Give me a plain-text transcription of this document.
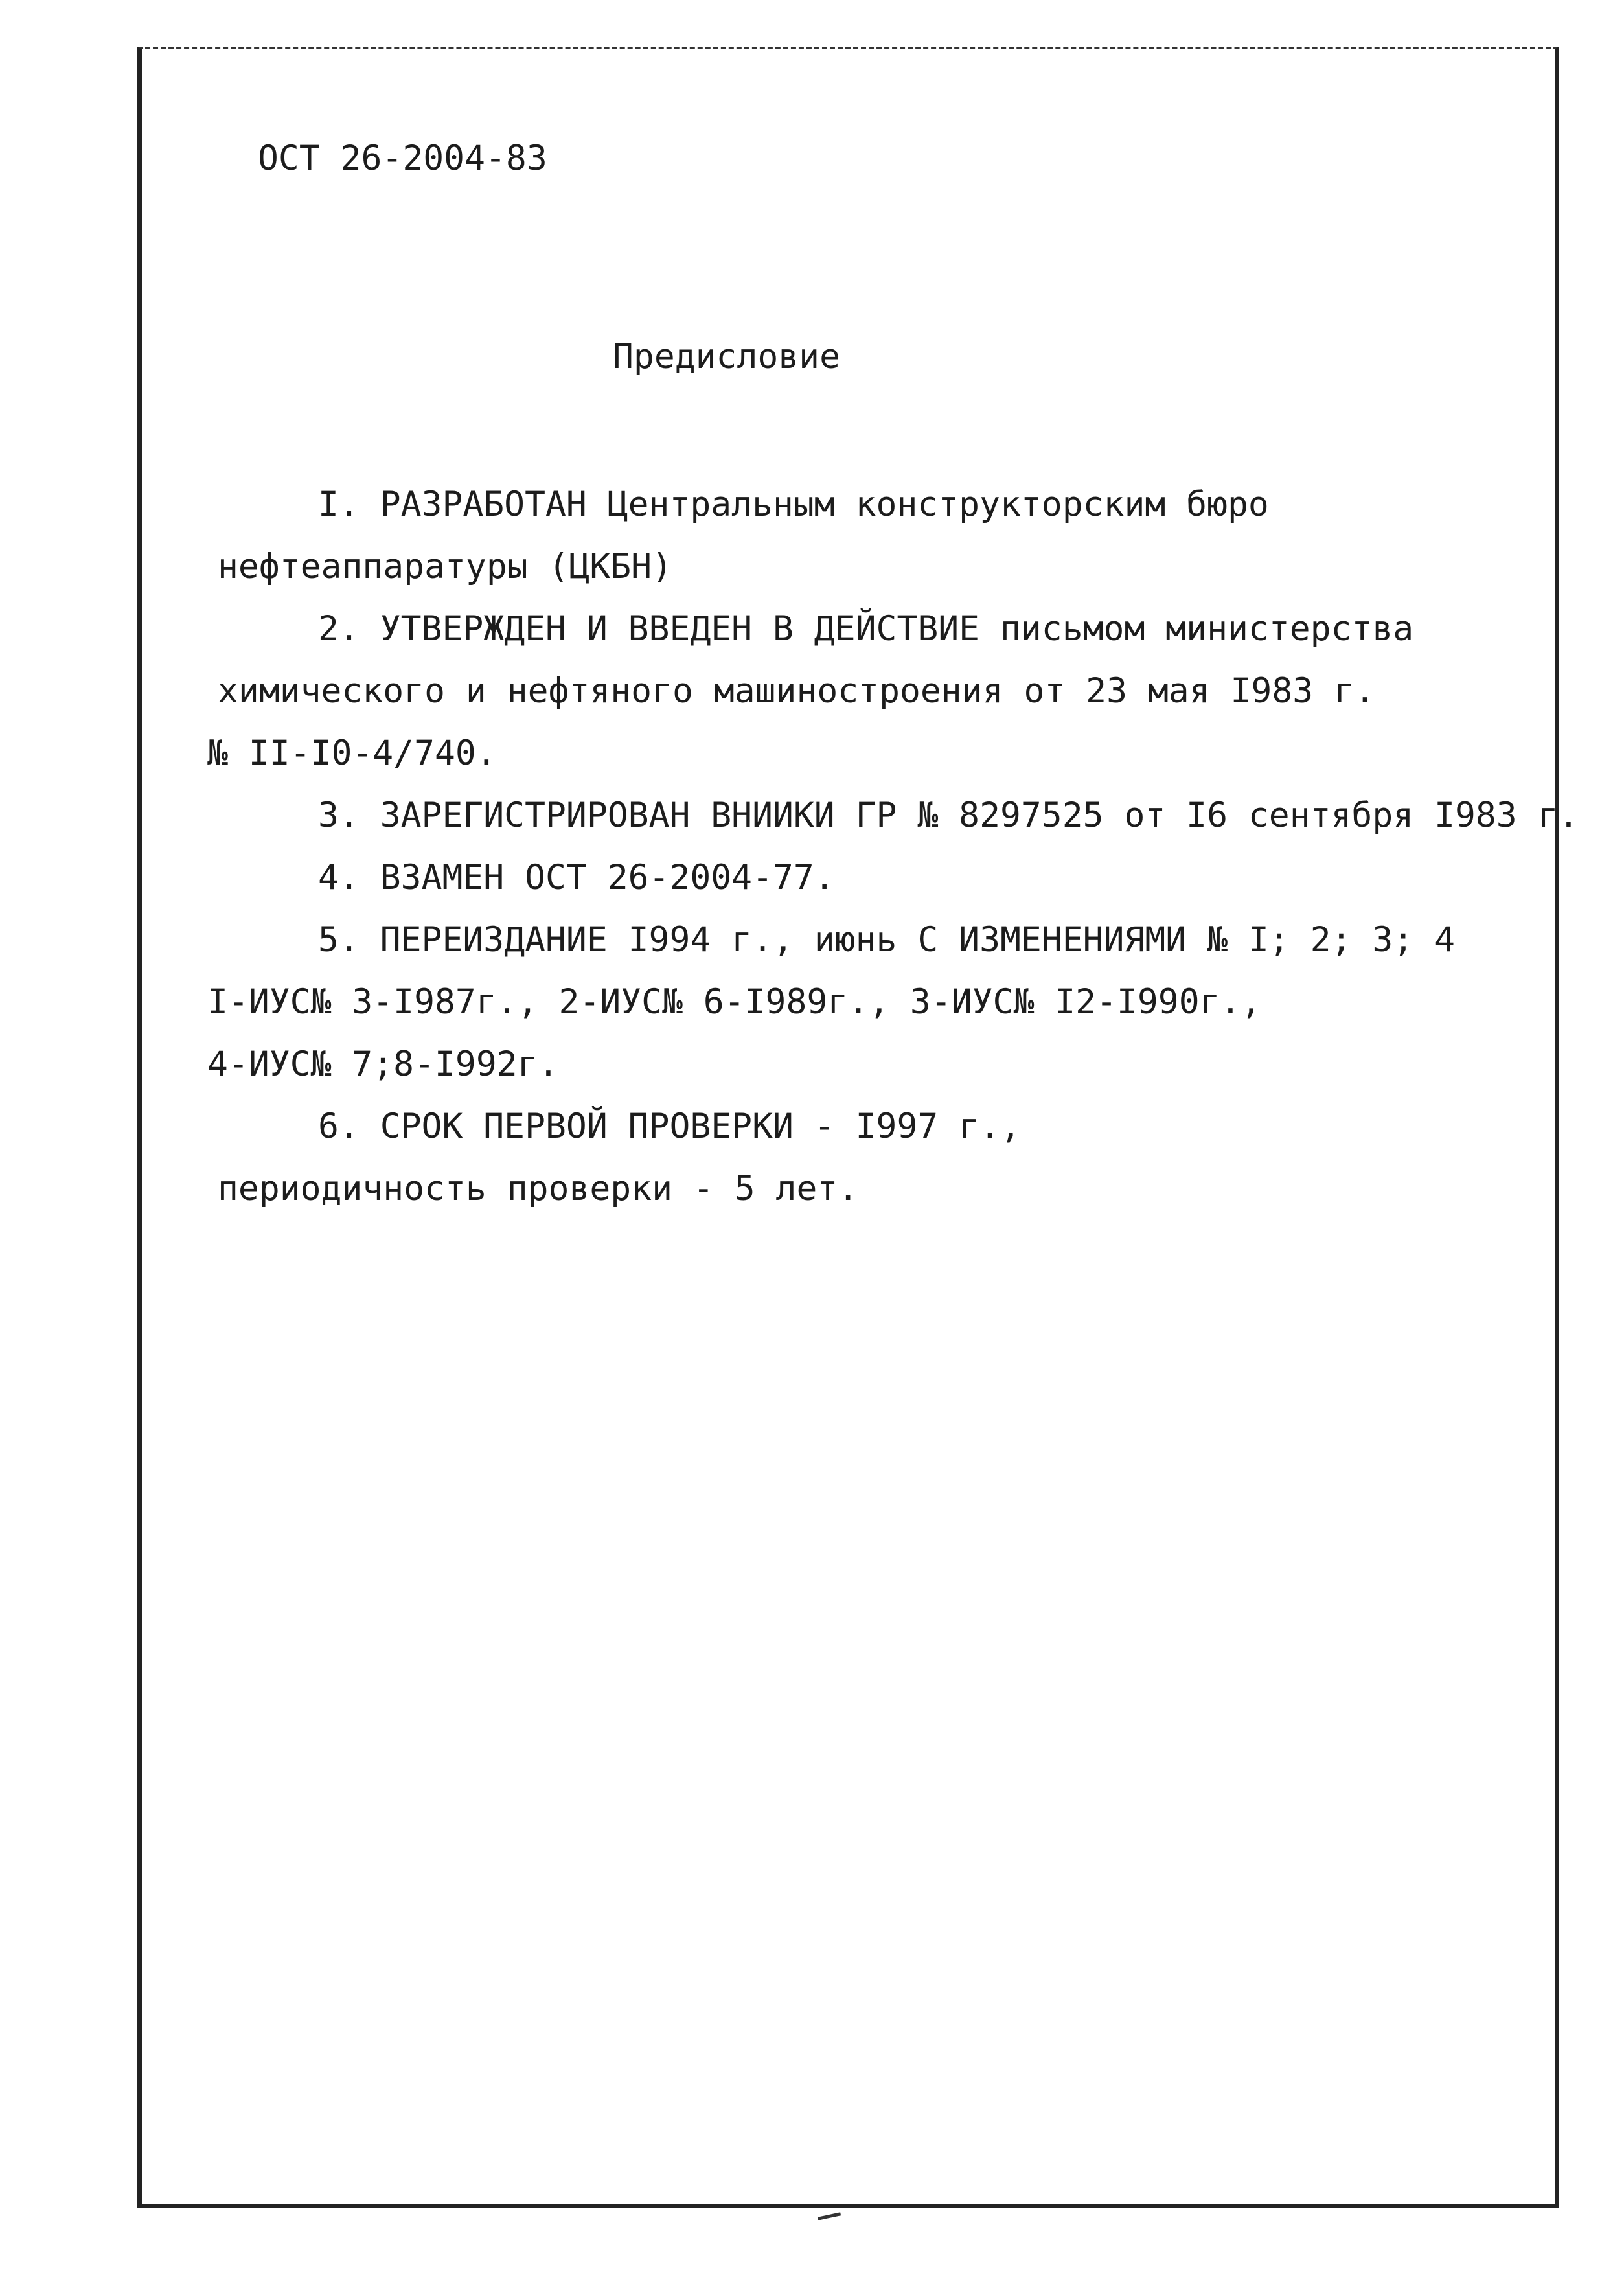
ОСТ 26-2004-83
Предисловие
I. РАЗРАБОТАН Центральным конструкторским бюро
нефтеаппаратуры (ЦКБН)
2. УТВЕРЖДЕН И ВВЕДЕН В ДЕЙСТВИЕ письмом министерства
химического и нефтяного машиностроения от 23 мая I983 г.
№ II-I0-4/740.
3. ЗАРЕГИСТРИРОВАН ВНИИКИ ГР № 8297525 от I6 сентября I983 г.
4. ВЗАМЕН ОСТ 26-2004-77.
5. ПЕРЕИЗДАНИЕ I994 г., июнь С ИЗМЕНЕНИЯМИ № I; 2; 3; 4
I-ИУС№ 3-I987г., 2-ИУС№ 6-I989г., 3-ИУС№ I2-I990г.,
4-ИУС№ 7;8-I992г.
6. СРОК ПЕРВОЙ ПРОВЕРКИ - I997 г.,
периодичность проверки - 5 лет.
